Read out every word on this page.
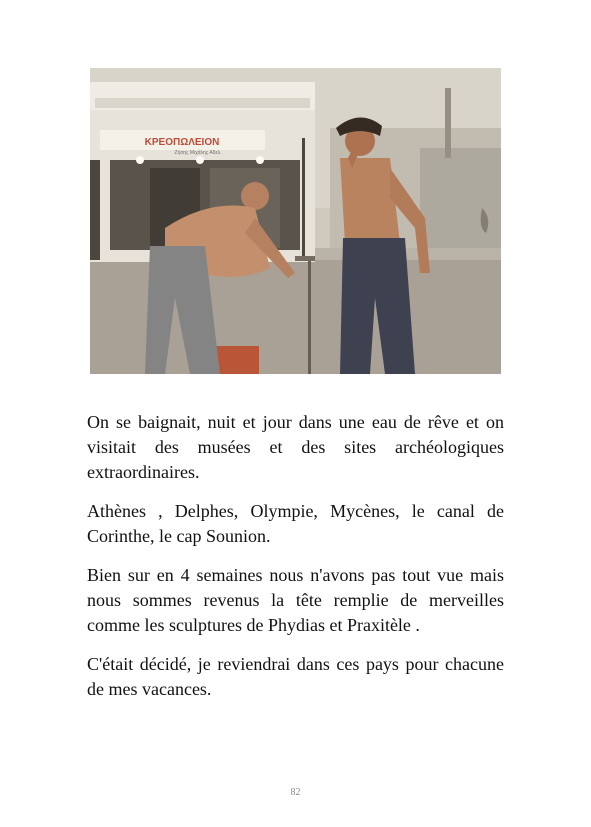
ΚΡΕΟΠΩΛΕΙΟΝ
Ζήσης Μιχάλης Αδελ.

On se baignait, nuit et jour dans une eau de rêve et on visitait des musées et des sites archéologiques extraordinaires.

Athènes , Delphes, Olympie, Mycènes, le canal de Corinthe, le cap Sounion.

Bien sur en 4 semaines nous n'avons pas tout vue mais nous sommes revenus la tête remplie de merveilles comme les sculptures de Phydias et Praxitèle .

C'était décidé, je reviendrai dans ces pays pour chacune de mes vacances.

82
